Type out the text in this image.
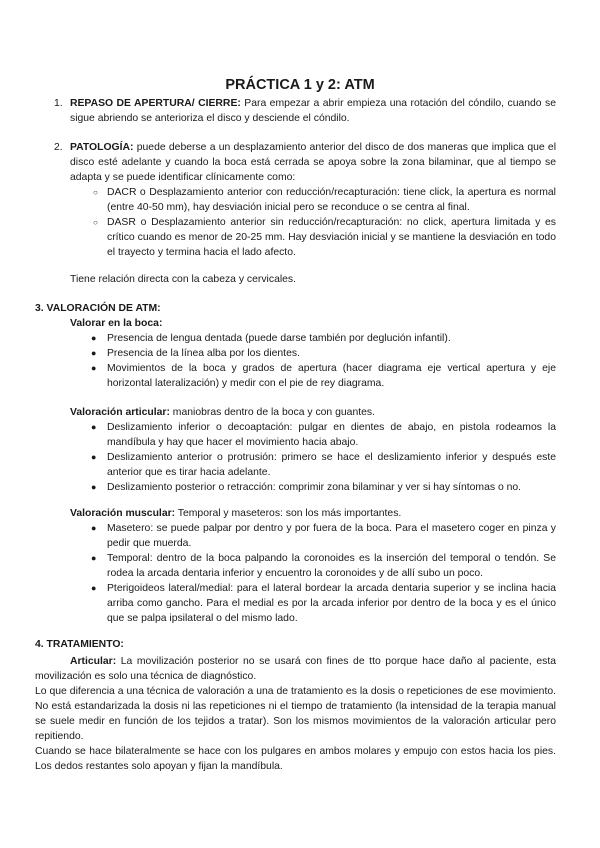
PRÁCTICA 1 y 2: ATM

1. REPASO DE APERTURA/ CIERRE: Para empezar a abrir empieza una rotación del cóndilo, cuando se sigue abriendo se anterioriza el disco y desciende el cóndilo.

2. PATOLOGÍA: puede deberse a un desplazamiento anterior del disco de dos maneras que implica que el disco esté adelante y cuando la boca está cerrada se apoya sobre la zona bilaminar, que al tiempo se adapta y se puede identificar clínicamente como:

○ DACR o Desplazamiento anterior con reducción/recapturación: tiene click, la apertura es normal (entre 40-50 mm), hay desviación inicial pero se reconduce o se centra al final.

○ DASR o Desplazamiento anterior sin reducción/recapturación: no click, apertura limitada y es crítico cuando es menor de 20-25 mm. Hay desviación inicial y se mantiene la desviación en todo el trayecto y termina hacia el lado afecto.

Tiene relación directa con la cabeza y cervicales.

3. VALORACIÓN DE ATM:

Valorar en la boca:

● Presencia de lengua dentada (puede darse también por deglución infantil).

● Presencia de la línea alba por los dientes.

● Movimientos de la boca y grados de apertura (hacer diagrama eje vertical apertura y eje horizontal lateralización) y medir con el pie de rey diagrama.

Valoración articular: maniobras dentro de la boca y con guantes.

● Deslizamiento inferior o decoaptación: pulgar en dientes de abajo, en pistola rodeamos la mandíbula y hay que hacer el movimiento hacia abajo.

● Deslizamiento anterior o protrusión: primero se hace el deslizamiento inferior y después este anterior que es tirar hacia adelante.

● Deslizamiento posterior o retracción: comprimir zona bilaminar y ver si hay síntomas o no.

Valoración muscular: Temporal y maseteros: son los más importantes.

● Masetero: se puede palpar por dentro y por fuera de la boca. Para el masetero coger en pinza y pedir que muerda.

● Temporal: dentro de la boca palpando la coronoides es la inserción del temporal o tendón. Se rodea la arcada dentaria inferior y encuentro la coronoides y de allí subo un poco.

● Pterigoideos lateral/medial: para el lateral bordear la arcada dentaria superior y se inclina hacia arriba como gancho. Para el medial es por la arcada inferior por dentro de la boca y es el único que se palpa ipsilateral o del mismo lado.

4. TRATAMIENTO:

Articular: La movilización posterior no se usará con fines de tto porque hace daño al paciente, esta movilización es solo una técnica de diagnóstico.

Lo que diferencia a una técnica de valoración a una de tratamiento es la dosis o repeticiones de ese movimiento. No está estandarizada la dosis ni las repeticiones ni el tiempo de tratamiento (la intensidad de la terapia manual se suele medir en función de los tejidos a tratar). Son los mismos movimientos de la valoración articular pero repitiendo.

Cuando se hace bilateralmente se hace con los pulgares en ambos molares y empujo con estos hacia los pies. Los dedos restantes solo apoyan y fijan la mandíbula.
